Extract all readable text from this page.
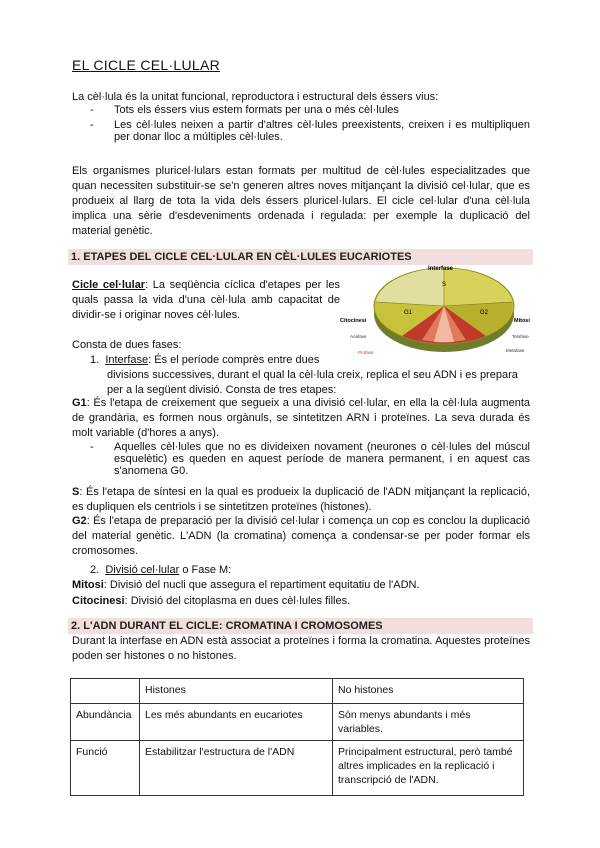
EL CICLE CEL·LULAR

La cèl·lula és la unitat funcional, reproductora i estructural dels éssers vius:

- Tots els éssers vius estem formats per una o més cèl·lules
- Les cèl·lules neixen a partir d'altres cèl·lules preexistents, creixen i es multipliquen per donar lloc a múltiples cèl·lules.

Els organismes pluricel·lulars estan formats per multitud de cèl·lules especialitzades que quan necessiten substituir-se se'n generen altres noves mitjançant la divisió cel·lular, que es produeix al llarg de tota la vida dels éssers pluricel·lulars. El cicle cel·lular d'una cèl·lula implica una sèrie d'esdeveniments ordenada i regulada: per exemple la duplicació del material genètic.

1. ETAPES DEL CICLE CEL·LULAR EN CÈL·LULES EUCARIOTES
Interfase
S
G1	G2
Citocinesi	Mitosi
Anafase	Telofase
Profase	Metafase

Cicle cel·lular: La seqüència cíclica d'etapes per les quals passa la vida d'una cèl·lula amb capacitat de dividir-se i originar noves cèl·lules.

Consta de dues fases:

1. Interfase: És el període comprès entre dues

divisions successives, durant el qual la cèl·lula creix, replica el seu ADN i es prepara per a la següent divisió. Consta de tres etapes:

G1: És l'etapa de creixement que segueix a una divisió cel·lular, en ella la cèl·lula augmenta de grandària, es formen nous orgànuls, se sintetitzen ARN i proteïnes. La seva durada és molt variable (d'hores a anys).

- Aquelles cèl·lules que no es divideixen novament (neurones o cèl·lules del múscul esquelètic) es queden en aquest període de manera permanent, i en aquest cas s'anomena G0.

S: És l'etapa de síntesi en la qual es produeix la duplicació de l'ADN mitjançant la replicació, es dupliquen els centriols i se sintetitzen proteïnes (histones).

G2: És l'etapa de preparació per la divisió cel·lular i comença un cop es conclou la duplicació del material genètic. L'ADN (la cromatina) comença a condensar-se per poder formar els cromosomes.

2. Divisió cel·lular o Fase M:

Mitosi: Divisió del nucli que assegura el repartiment equitatiu de l'ADN.

Citocinesi: Divisió del citoplasma en dues cèl·lules filles.

2. L'ADN DURANT EL CICLE: CROMATINA I CROMOSOMES

Durant la interfase en ADN està associat a proteïnes i forma la cromatina. Aquestes proteïnes poden ser histones o no histones.

	Histones	No histones
Abundància	Les més abundants en eucariotes	Són menys abundants i més variables.
Funció	Estabilitzar l'estructura de l'ADN	Principalment estructural, però també altres implicades en la replicació i transcripció de l'ADN.
